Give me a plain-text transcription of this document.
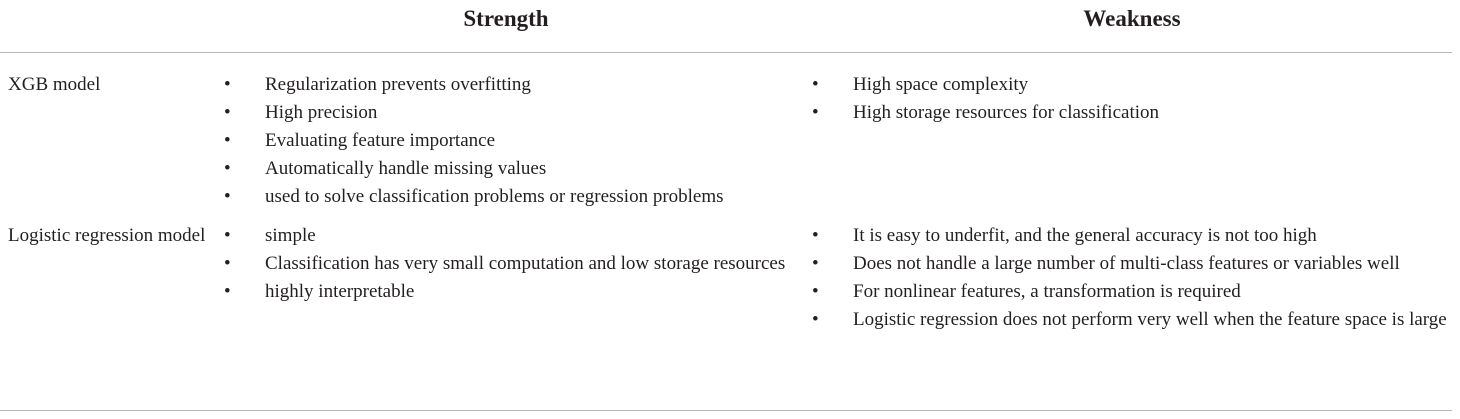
Strength	Weakness
XGB model	• Regularization prevents overfitting
• High precision
• Evaluating feature importance
• Automatically handle missing values
• used to solve classification problems or regression problems
• High space complexity
• High storage resources for classification
Logistic regression model • simple
• Classification has very small computation and low storage resources
• highly interpretable
• It is easy to underfit, and the general accuracy is not too high
• Does not handle a large number of multi-class features or variables well
• For nonlinear features, a transformation is required
• Logistic regression does not perform very well when the feature space is large
